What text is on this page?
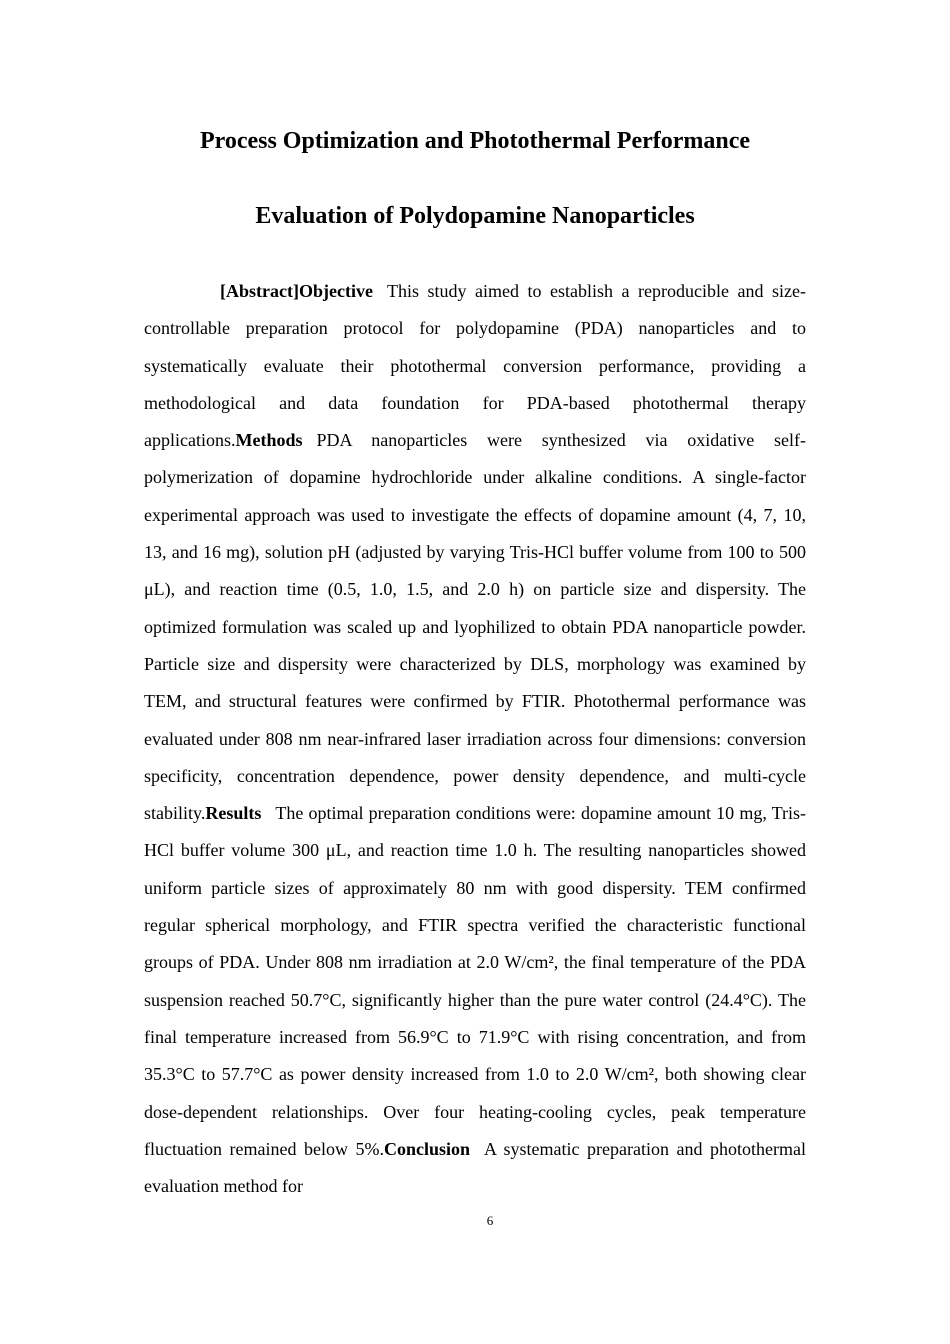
Process Optimization and Photothermal Performance
Evaluation of Polydopamine Nanoparticles

[Abstract]Objective This study aimed to establish a reproducible and size-controllable preparation protocol for polydopamine (PDA) nanoparticles and to systematically evaluate their photothermal conversion performance, providing a methodological and data foundation for PDA-based photothermal therapy applications.Methods PDA nanoparticles were synthesized via oxidative self-polymerization of dopamine hydrochloride under alkaline conditions. A single-factor experimental approach was used to investigate the effects of dopamine amount (4, 7, 10, 13, and 16 mg), solution pH (adjusted by varying Tris-HCl buffer volume from 100 to 500 μL), and reaction time (0.5, 1.0, 1.5, and 2.0 h) on particle size and dispersity. The optimized formulation was scaled up and lyophilized to obtain PDA nanoparticle powder. Particle size and dispersity were characterized by DLS, morphology was examined by TEM, and structural features were confirmed by FTIR. Photothermal performance was evaluated under 808 nm near-infrared laser irradiation across four dimensions: conversion specificity, concentration dependence, power density dependence, and multi-cycle stability.Results The optimal preparation conditions were: dopamine amount 10 mg, Tris-HCl buffer volume 300 μL, and reaction time 1.0 h. The resulting nanoparticles showed uniform particle sizes of approximately 80 nm with good dispersity. TEM confirmed regular spherical morphology, and FTIR spectra verified the characteristic functional groups of PDA. Under 808 nm irradiation at 2.0 W/cm², the final temperature of the PDA suspension reached 50.7°C, significantly higher than the pure water control (24.4°C). The final temperature increased from 56.9°C to 71.9°C with rising concentration, and from 35.3°C to 57.7°C as power density increased from 1.0 to 2.0 W/cm², both showing clear dose-dependent relationships. Over four heating-cooling cycles, peak temperature fluctuation remained below 5%.Conclusion A systematic preparation and photothermal evaluation method for

6
